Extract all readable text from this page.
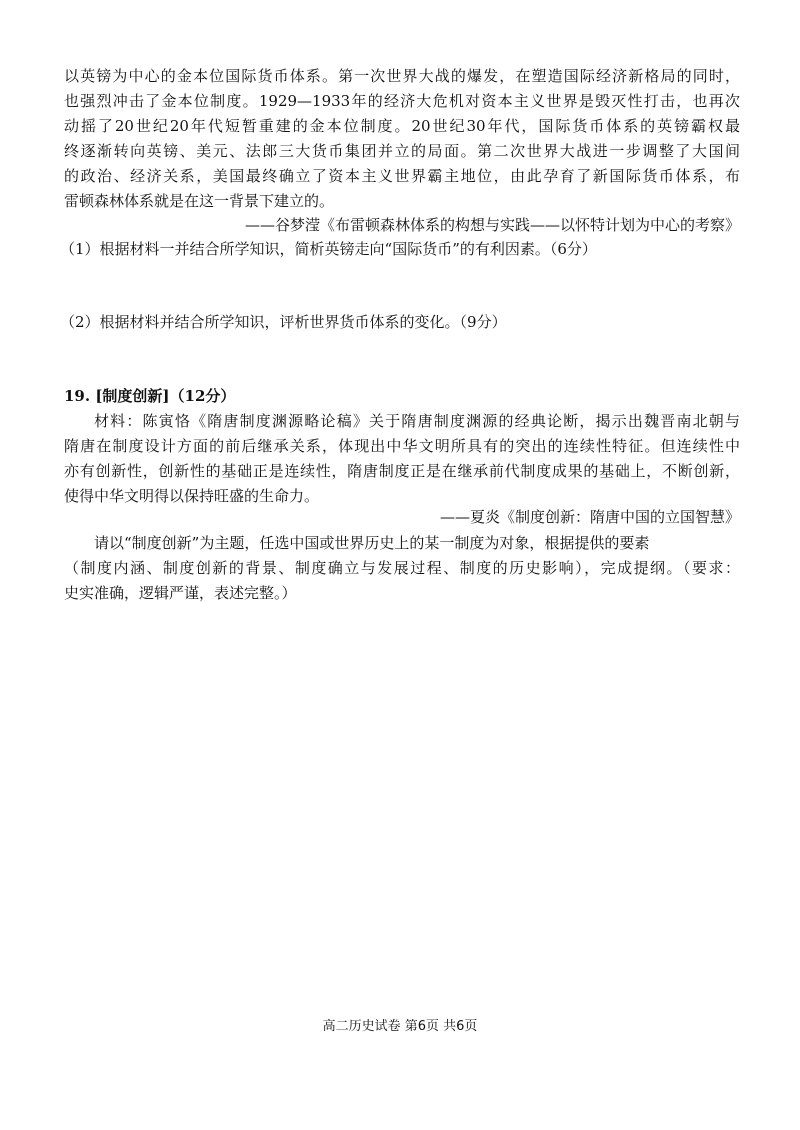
以英镑为中心的金本位国际货币体系。第一次世界大战的爆发，在塑造国际经济新格局的同时，
也强烈冲击了金本位制度。1929—1933年的经济大危机对资本主义世界是毁灭性打击，也再次
动摇了20世纪20年代短暂重建的金本位制度。20世纪30年代，国际货币体系的英镑霸权最
终逐渐转向英镑、美元、法郎三大货币集团并立的局面。第二次世界大战进一步调整了大国间
的政治、经济关系，美国最终确立了资本主义世界霸主地位，由此孕育了新国际货币体系，布
雷顿森林体系就是在这一背景下建立的。
——谷梦滢《布雷顿森林体系的构想与实践——以怀特计划为中心的考察》
（1）根据材料一并结合所学知识，简析英镑走向“国际货币”的有利因素。（6分）
（2）根据材料并结合所学知识，评析世界货币体系的变化。（9分）
19. [制度创新]（12分）
材料：陈寅恪《隋唐制度渊源略论稿》关于隋唐制度渊源的经典论断，揭示出魏晋南北朝与
隋唐在制度设计方面的前后继承关系，体现出中华文明所具有的突出的连续性特征。但连续性中
亦有创新性，创新性的基础正是连续性，隋唐制度正是在继承前代制度成果的基础上，不断创新，
使得中华文明得以保持旺盛的生命力。
——夏炎《制度创新：隋唐中国的立国智慧》
请以“制度创新”为主题，任选中国或世界历史上的某一制度为对象，根据提供的要素
（制度内涵、制度创新的背景、制度确立与发展过程、制度的历史影响），完成提纲。（要求：
史实准确，逻辑严谨，表述完整。）
高二历史试卷 第6页 共6页
